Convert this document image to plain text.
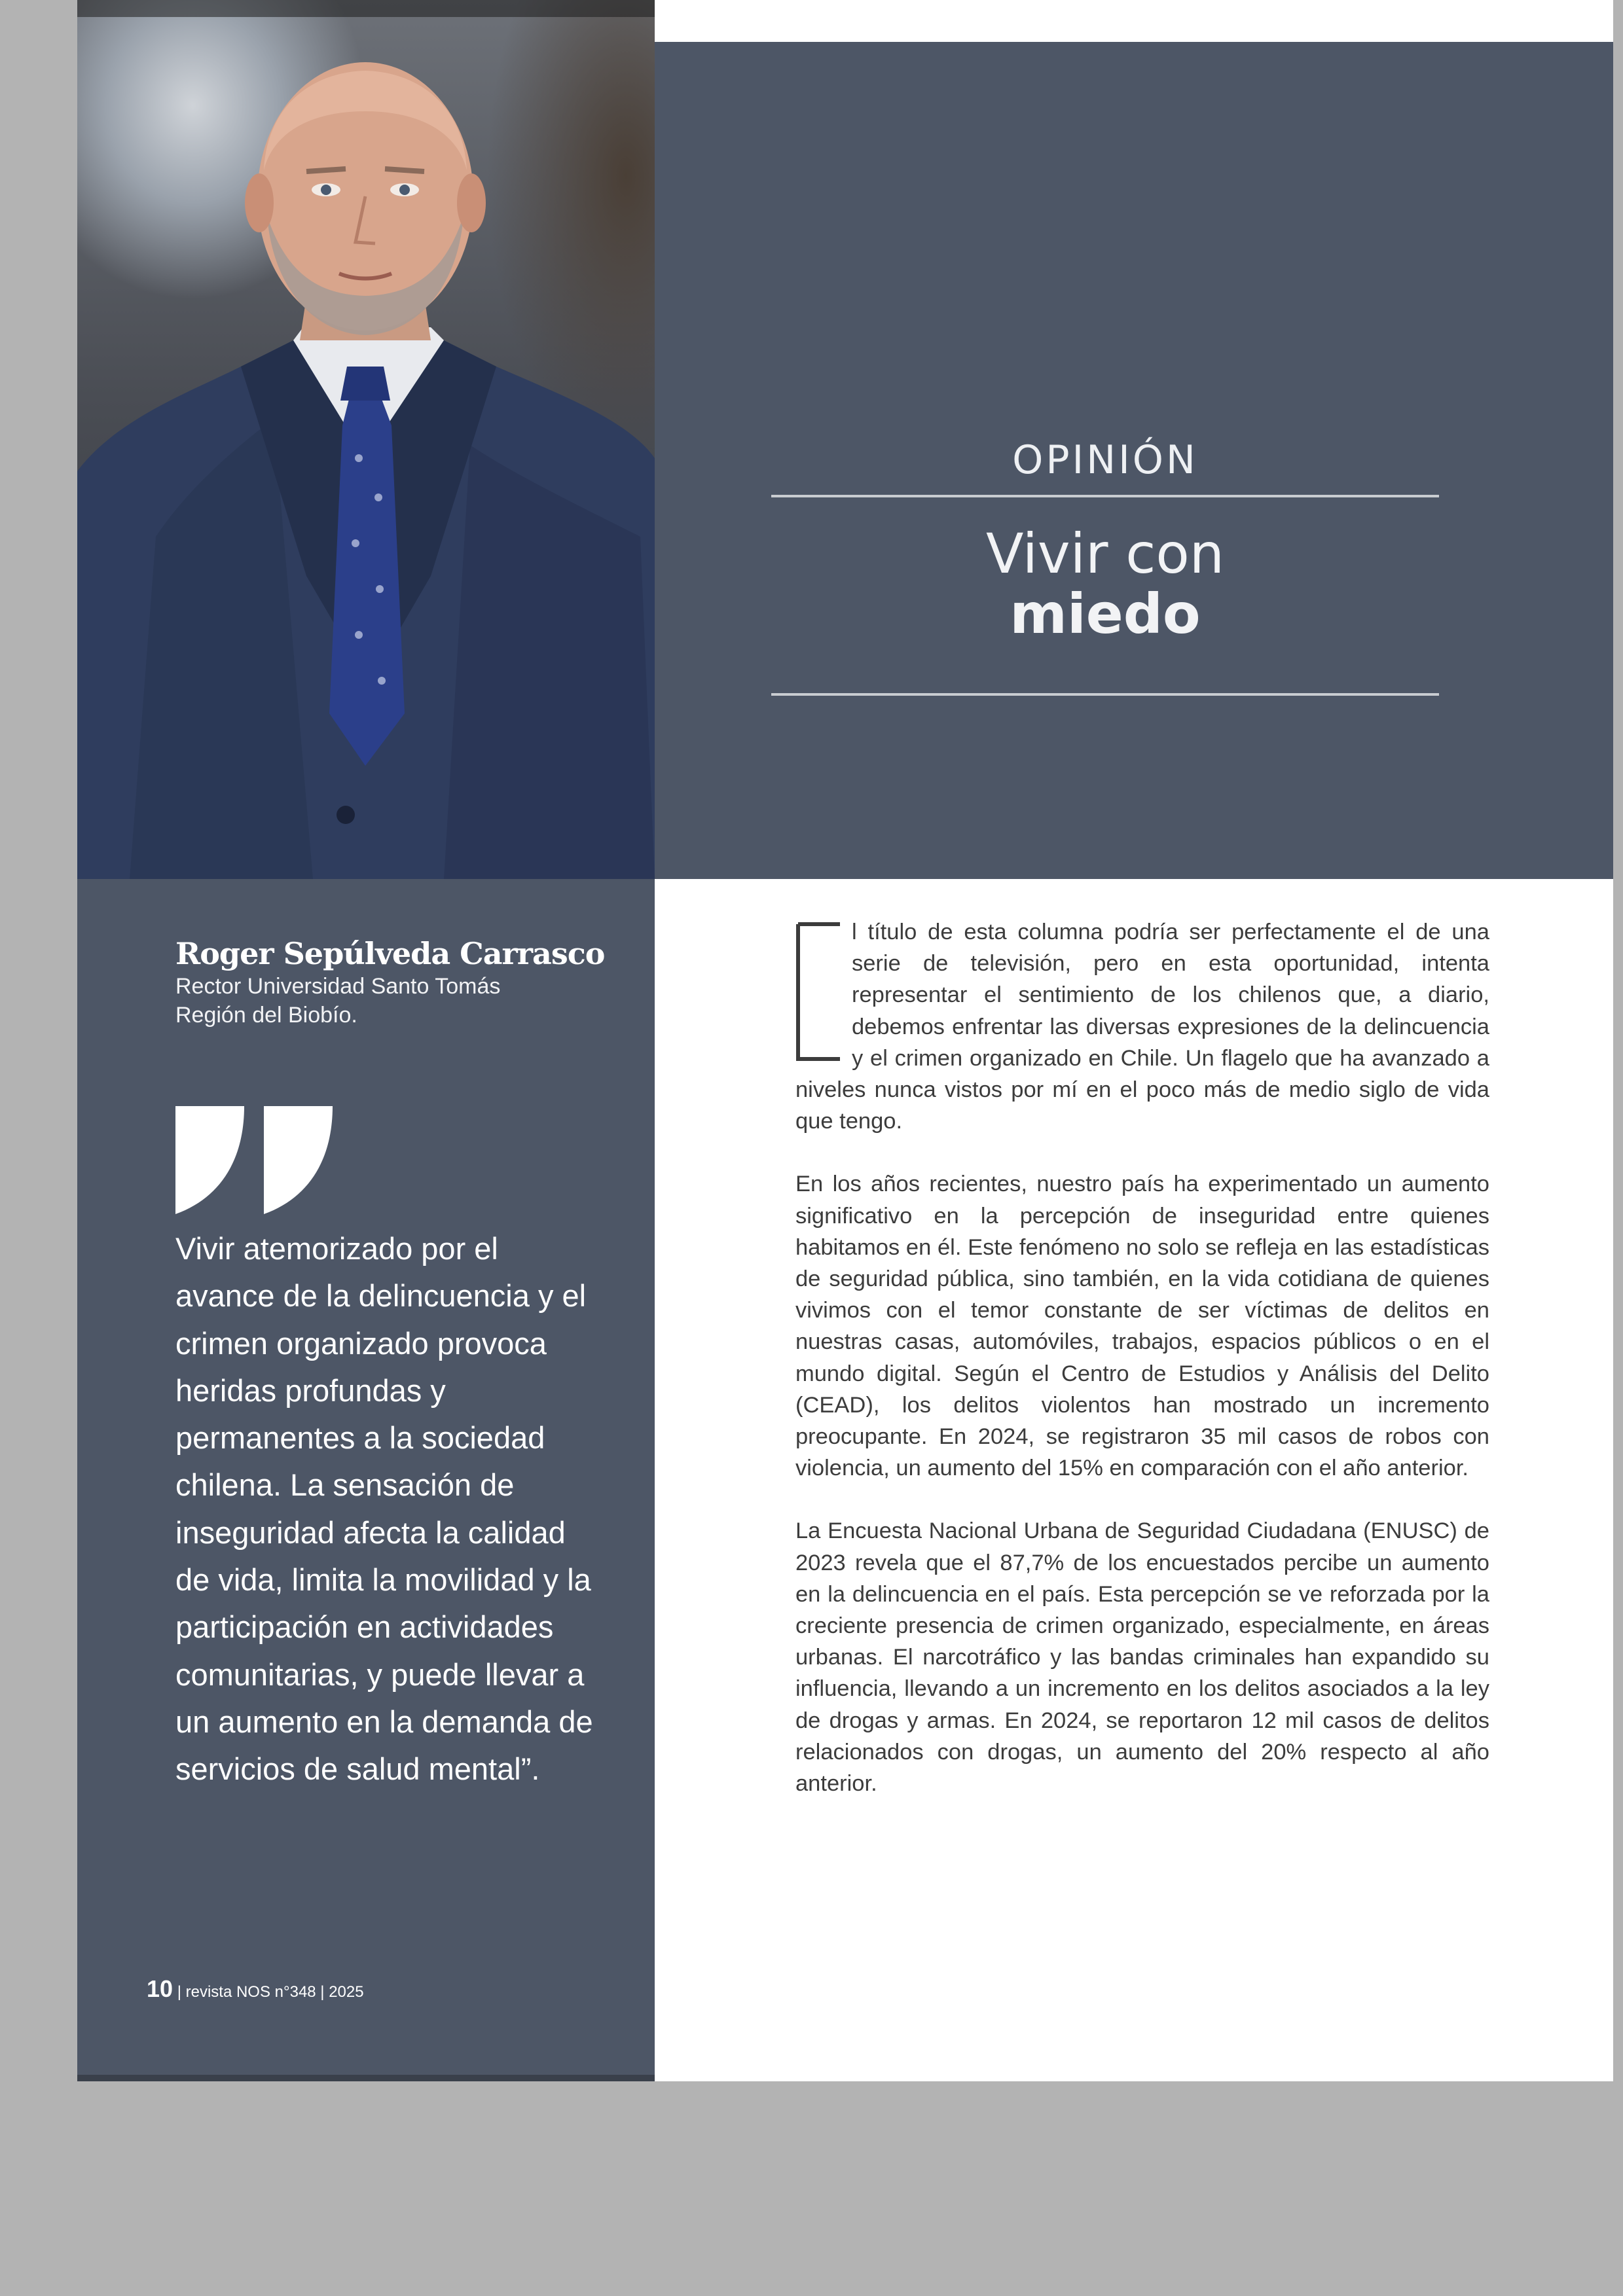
OPINIÓN
Vivir con
miedo
Roger Sepúlveda Carrasco
Rector Universidad Santo Tomás
Región del Biobío.
Vivir atemorizado por el avance de la delincuencia y el crimen organizado provoca heridas profundas y permanentes a la sociedad chilena. La sensación de inseguridad afecta la calidad de vida, limita la movilidad y la participación en actividades comunitarias, y puede llevar a un aumento en la demanda de servicios de salud mental”.
10 | revista NOS n°348 | 2025

l título de esta columna podría ser perfectamente el de una serie de televisión, pero en esta oportunidad, intenta representar el sentimiento de los chilenos que, a diario, debemos enfrentar las diversas expresiones de la delincuencia y el crimen organizado en Chile. Un flagelo que ha avanzado a niveles nunca vistos por mí en el poco más de medio siglo de vida que tengo.

En los años recientes, nuestro país ha experimentado un aumento significativo en la percepción de inseguridad entre quienes habitamos en él. Este fenómeno no solo se refleja en las estadísticas de seguridad pública, sino también, en la vida cotidiana de quienes vivimos con el temor constante de ser víctimas de delitos en nuestras casas, automóviles, trabajos, espacios públicos o en el mundo digital. Según el Centro de Estudios y Análisis del Delito (CEAD), los delitos violentos han mostrado un incremento preocupante. En 2024, se registraron 35 mil casos de robos con violencia, un aumento del 15% en comparación con el año anterior.

La Encuesta Nacional Urbana de Seguridad Ciudadana (ENUSC) de 2023 revela que el 87,7% de los encuestados percibe un aumento en la delincuencia en el país. Esta percepción se ve reforzada por la creciente presencia de crimen organizado, especialmente, en áreas urbanas. El narcotráfico y las bandas criminales han expandido su influencia, llevando a un incremento en los delitos asociados a la ley de drogas y armas. En 2024, se reportaron 12 mil casos de delitos relacionados con drogas, un aumento del 20% respecto al año anterior.
